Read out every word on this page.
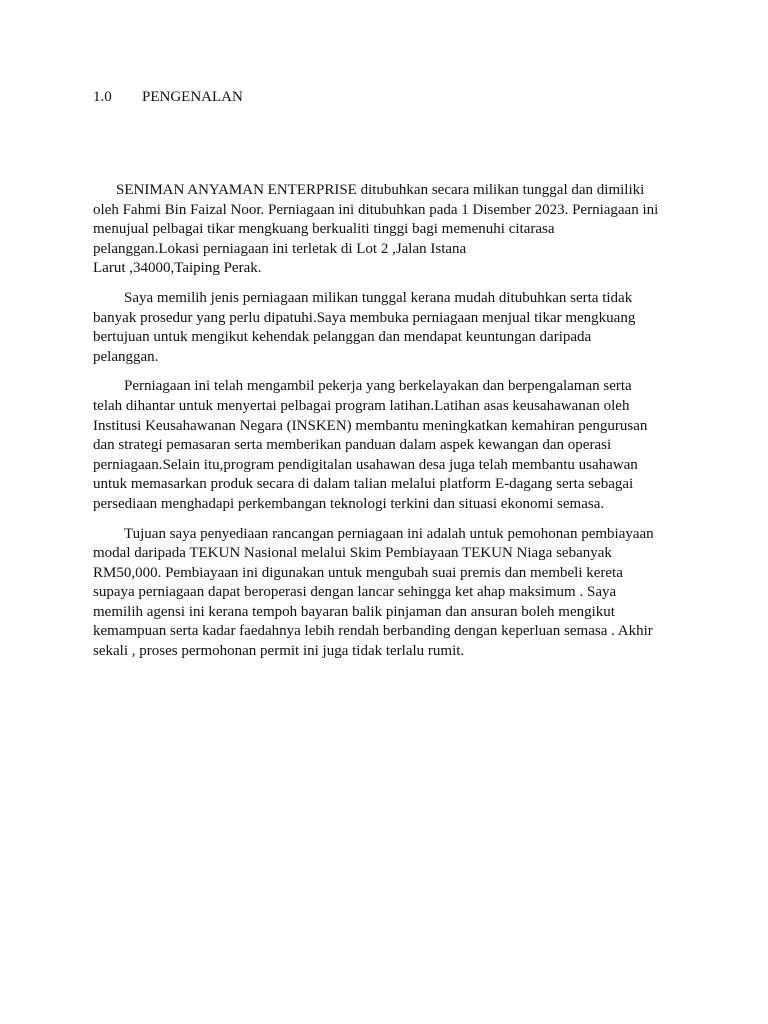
1.0 PENGENALAN

SENIMAN ANYAMAN ENTERPRISE ditubuhkan secara milikan tunggal dan dimiliki oleh Fahmi Bin Faizal Noor. Perniagaan ini ditubuhkan pada 1 Disember 2023. Perniagaan ini menujual pelbagai tikar mengkuang berkualiti tinggi bagi memenuhi citarasa pelanggan.Lokasi perniagaan ini terletak di Lot 2 ,Jalan Istana
Larut ,34000,Taiping Perak.

Saya memilih jenis perniagaan milikan tunggal kerana mudah ditubuhkan serta tidak banyak prosedur yang perlu dipatuhi.Saya membuka perniagaan menjual tikar mengkuang bertujuan untuk mengikut kehendak pelanggan dan mendapat keuntungan daripada pelanggan.

Perniagaan ini telah mengambil pekerja yang berkelayakan dan berpengalaman serta telah dihantar untuk menyertai pelbagai program latihan.Latihan asas keusahawanan oleh Institusi Keusahawanan Negara (INSKEN) membantu meningkatkan kemahiran pengurusan dan strategi pemasaran serta memberikan panduan dalam aspek kewangan dan operasi perniagaan.Selain itu,program pendigitalan usahawan desa juga telah membantu usahawan untuk memasarkan produk secara di dalam talian melalui platform E-dagang serta sebagai persediaan menghadapi perkembangan teknologi terkini dan situasi ekonomi semasa.

Tujuan saya penyediaan rancangan perniagaan ini adalah untuk pemohonan pembiayaan modal daripada TEKUN Nasional melalui Skim Pembiayaan TEKUN Niaga sebanyak RM50,000. Pembiayaan ini digunakan untuk mengubah suai premis dan membeli kereta supaya perniagaan dapat beroperasi dengan lancar sehingga ket ahap maksimum . Saya memilih agensi ini kerana tempoh bayaran balik pinjaman dan ansuran boleh mengikut kemampuan serta kadar faedahnya lebih rendah berbanding dengan keperluan semasa . Akhir sekali , proses permohonan permit ini juga tidak terlalu rumit.
